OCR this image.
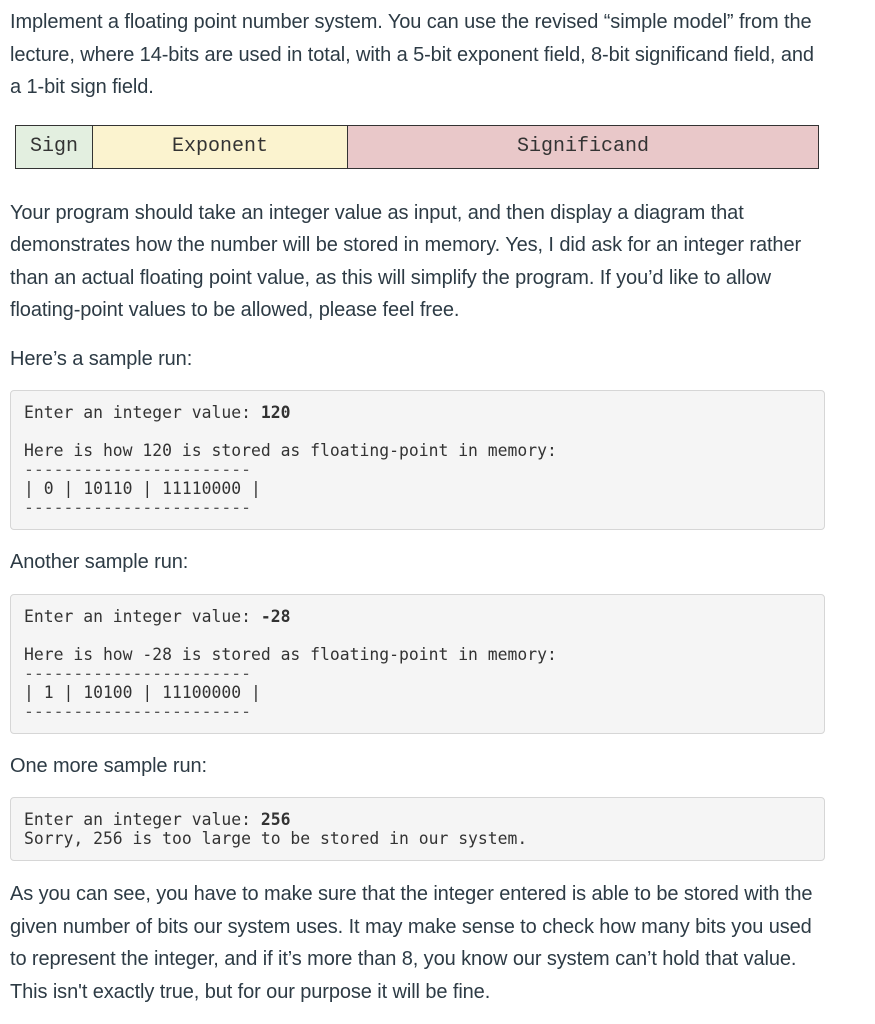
Implement a floating point number system. You can use the revised “simple model” from the lecture, where 14-bits are used in total, with a 5-bit exponent field, 8-bit significand field, and a 1-bit sign field.

Sign	Exponent	Significand

Your program should take an integer value as input, and then display a diagram that demonstrates how the number will be stored in memory. Yes, I did ask for an integer rather than an actual floating point value, as this will simplify the program. If you’d like to allow floating-point values to be allowed, please feel free.

Here’s a sample run:

Enter an integer value: 120
Here is how 120 is stored as floating-point in memory:
-----------------------
| 0 | 10110 | 11110000 |
-----------------------

Another sample run:

Enter an integer value: -28
Here is how -28 is stored as floating-point in memory:
-----------------------
| 1 | 10100 | 11100000 |
-----------------------

One more sample run:

Enter an integer value: 256
Sorry, 256 is too large to be stored in our system.

As you can see, you have to make sure that the integer entered is able to be stored with the given number of bits our system uses. It may make sense to check how many bits you used to represent the integer, and if it’s more than 8, you know our system can’t hold that value. This isn't exactly true, but for our purpose it will be fine.
